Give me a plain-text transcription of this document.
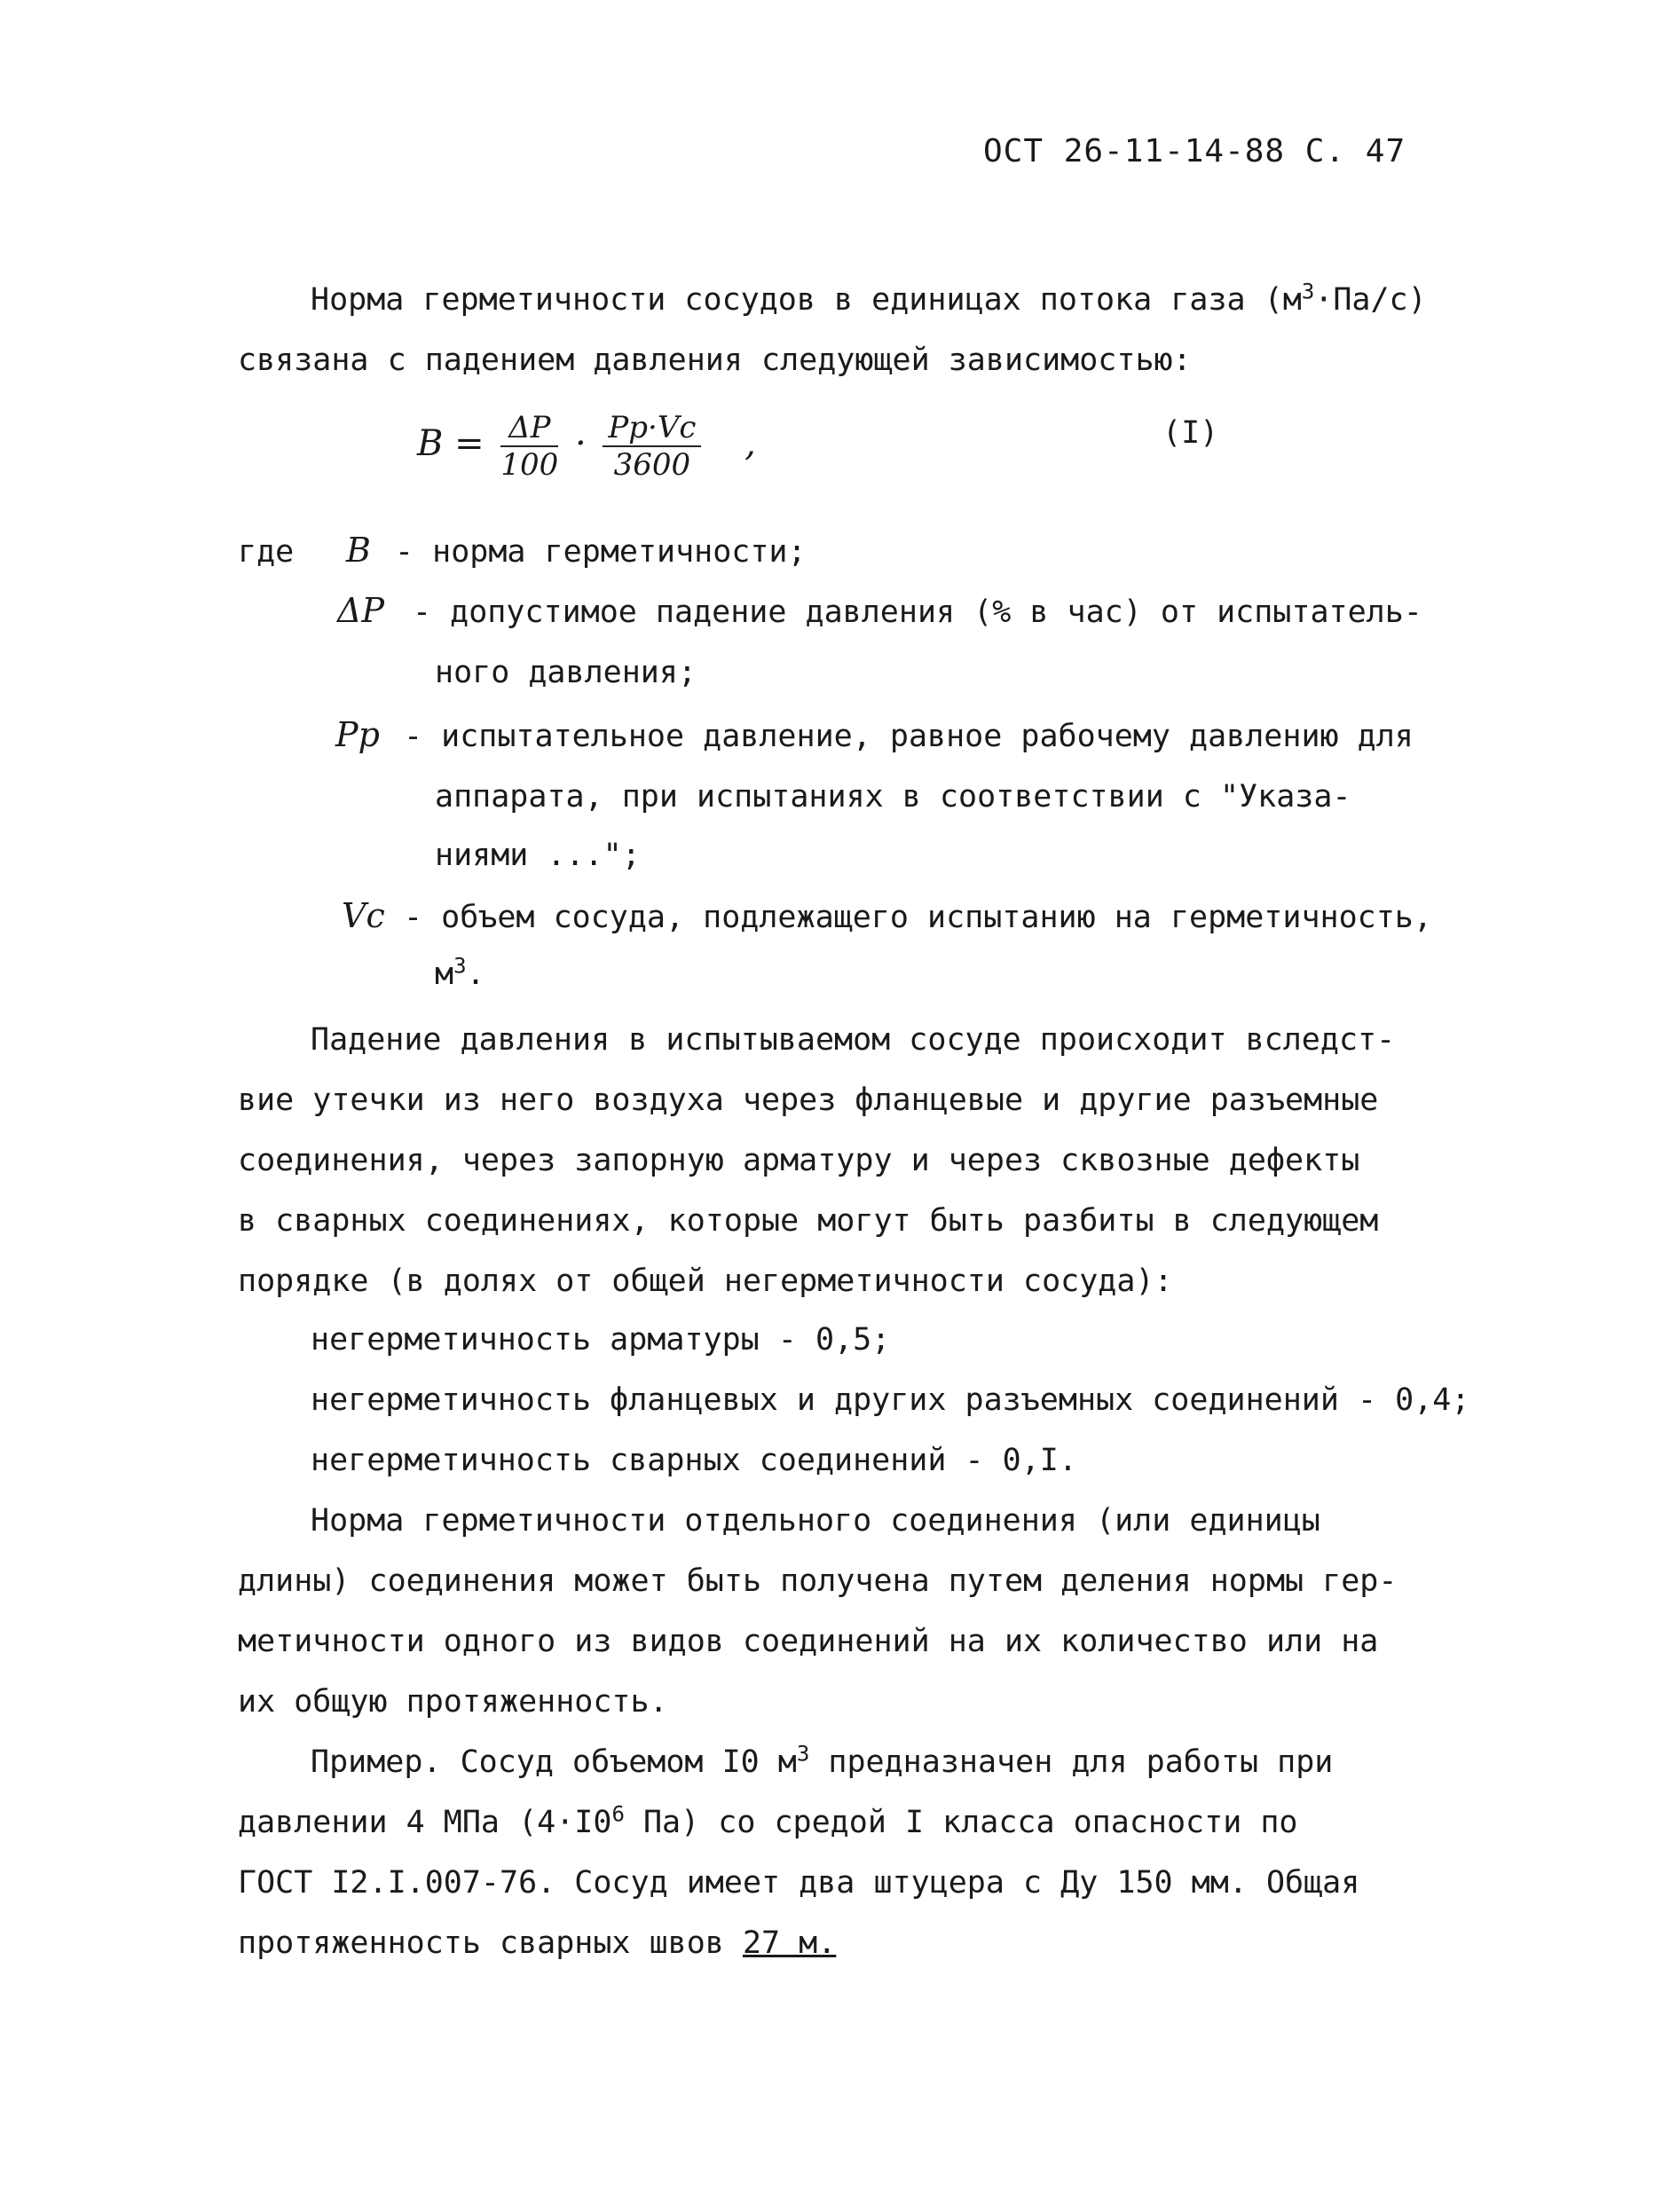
ОСТ 26-11-14-88 С. 47
Норма герметичности сосудов в единицах потока газа $(м^3\cdot Па/с)$
связана с падением давления следующей зависимостью:
$B = \frac{\Delta P}{100} \cdot \frac{Pp\cdot Vc}{3600}$ ,	(I)
где B - норма герметичности;
ΔP - допустимое падение давления (% в час) от испытатель-
ного давления;
Pp - испытательное давление, равное рабочему давлению для
аппарата, при испытаниях в соответствии с "Указа-
ниями ...";
Vc - объем сосуда, подлежащего испытанию на герметичность,
$м^3$.
Падение давления в испытываемом сосуде происходит вследст-
вие утечки из него воздуха через фланцевые и другие разъемные
соединения, через запорную арматуру и через сквозные дефекты
в сварных соединениях, которые могут быть разбиты в следующем
порядке (в долях от общей негерметичности сосуда):
негерметичность арматуры - 0,5;
негерметичность фланцевых и других разъемных соединений - 0,4;
негерметичность сварных соединений - 0,I.
Норма герметичности отдельного соединения (или единицы
длины) соединения может быть получена путем деления нормы гер-
метичности одного из видов соединений на их количество или на
их общую протяженность.
Пример. Сосуд объемом I0 $м^3$ предназначен для работы при
давлении 4 МПа ($4\cdot I0^6$ Па) со средой I класса опасности по
ГОСТ I2.I.007-76. Сосуд имеет два штуцера с Ду 150 мм. Общая
протяженность сварных швов 27 м.
